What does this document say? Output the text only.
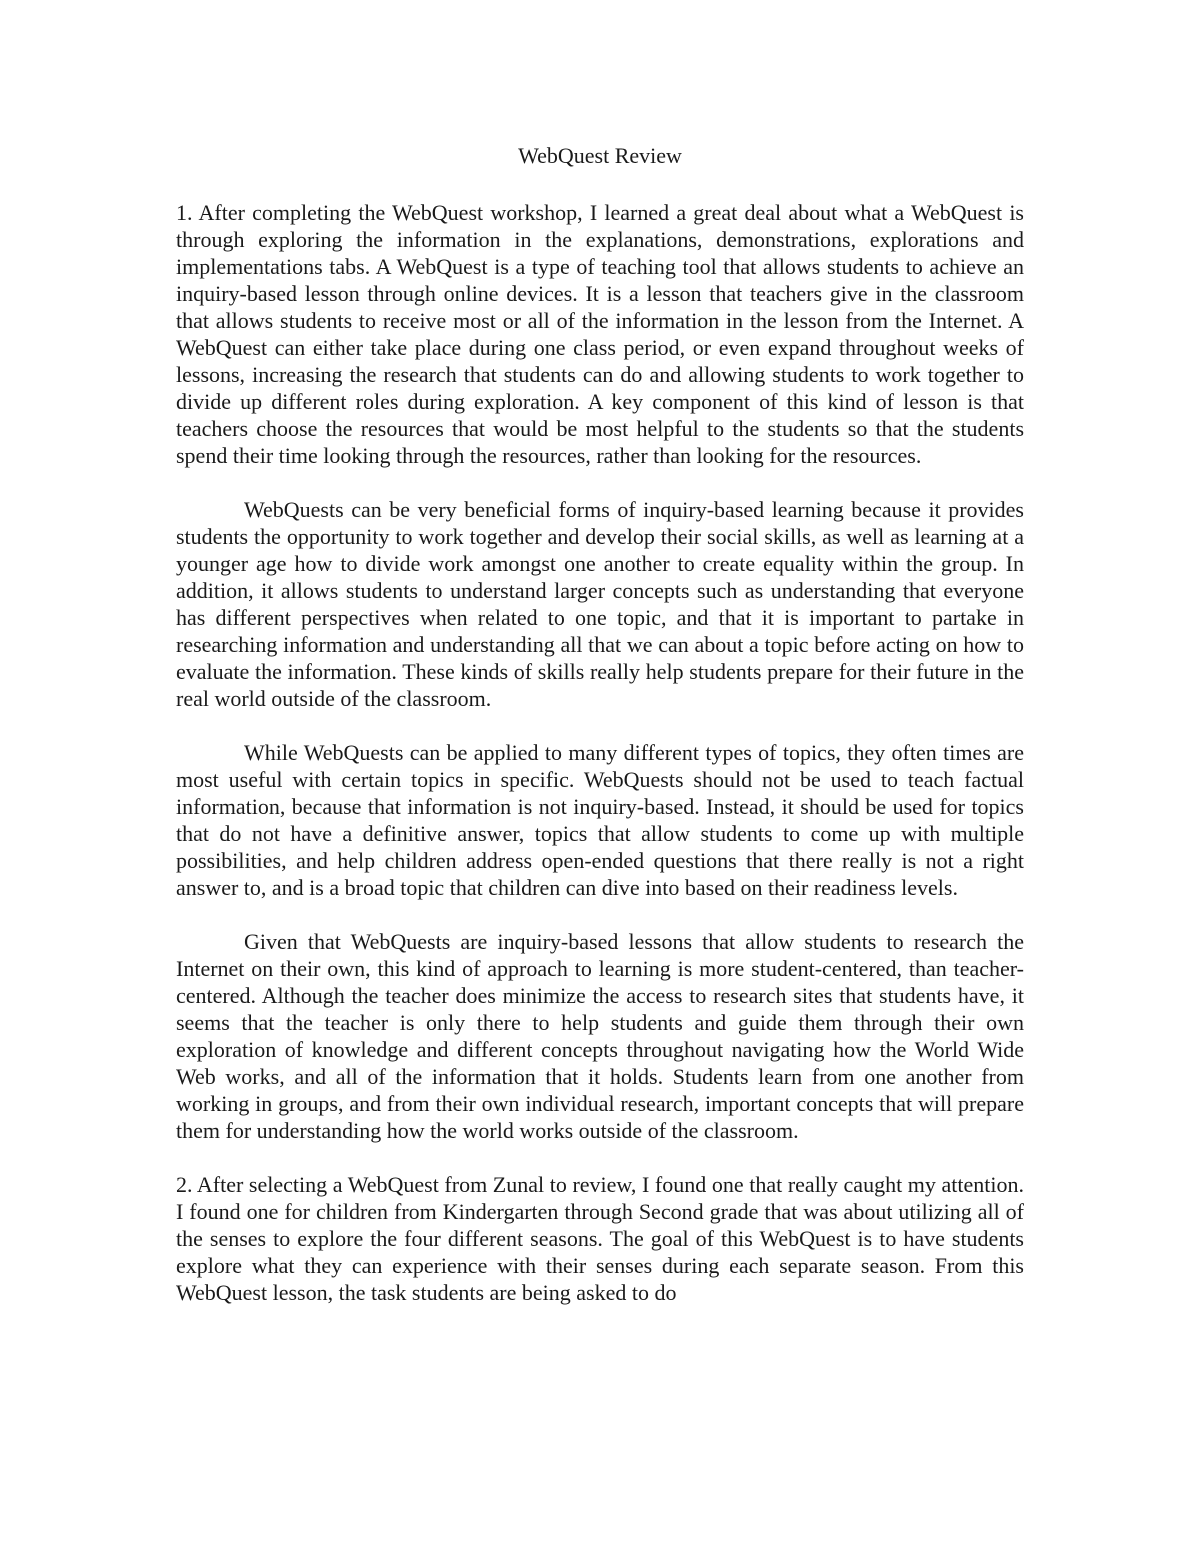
WebQuest Review

1. After completing the WebQuest workshop, I learned a great deal about what a WebQuest is through exploring the information in the explanations, demonstrations, explorations and implementations tabs. A WebQuest is a type of teaching tool that allows students to achieve an inquiry-based lesson through online devices. It is a lesson that teachers give in the classroom that allows students to receive most or all of the information in the lesson from the Internet. A WebQuest can either take place during one class period, or even expand throughout weeks of lessons, increasing the research that students can do and allowing students to work together to divide up different roles during exploration. A key component of this kind of lesson is that teachers choose the resources that would be most helpful to the students so that the students spend their time looking through the resources, rather than looking for the resources.

WebQuests can be very beneficial forms of inquiry-based learning because it provides students the opportunity to work together and develop their social skills, as well as learning at a younger age how to divide work amongst one another to create equality within the group. In addition, it allows students to understand larger concepts such as understanding that everyone has different perspectives when related to one topic, and that it is important to partake in researching information and understanding all that we can about a topic before acting on how to evaluate the information. These kinds of skills really help students prepare for their future in the real world outside of the classroom.

While WebQuests can be applied to many different types of topics, they often times are most useful with certain topics in specific. WebQuests should not be used to teach factual information, because that information is not inquiry-based. Instead, it should be used for topics that do not have a definitive answer, topics that allow students to come up with multiple possibilities, and help children address open-ended questions that there really is not a right answer to, and is a broad topic that children can dive into based on their readiness levels.

Given that WebQuests are inquiry-based lessons that allow students to research the Internet on their own, this kind of approach to learning is more student-centered, than teacher-centered. Although the teacher does minimize the access to research sites that students have, it seems that the teacher is only there to help students and guide them through their own exploration of knowledge and different concepts throughout navigating how the World Wide Web works, and all of the information that it holds. Students learn from one another from working in groups, and from their own individual research, important concepts that will prepare them for understanding how the world works outside of the classroom.

2. After selecting a WebQuest from Zunal to review, I found one that really caught my attention. I found one for children from Kindergarten through Second grade that was about utilizing all of the senses to explore the four different seasons. The goal of this WebQuest is to have students explore what they can experience with their senses during each separate season. From this WebQuest lesson, the task students are being asked to do
